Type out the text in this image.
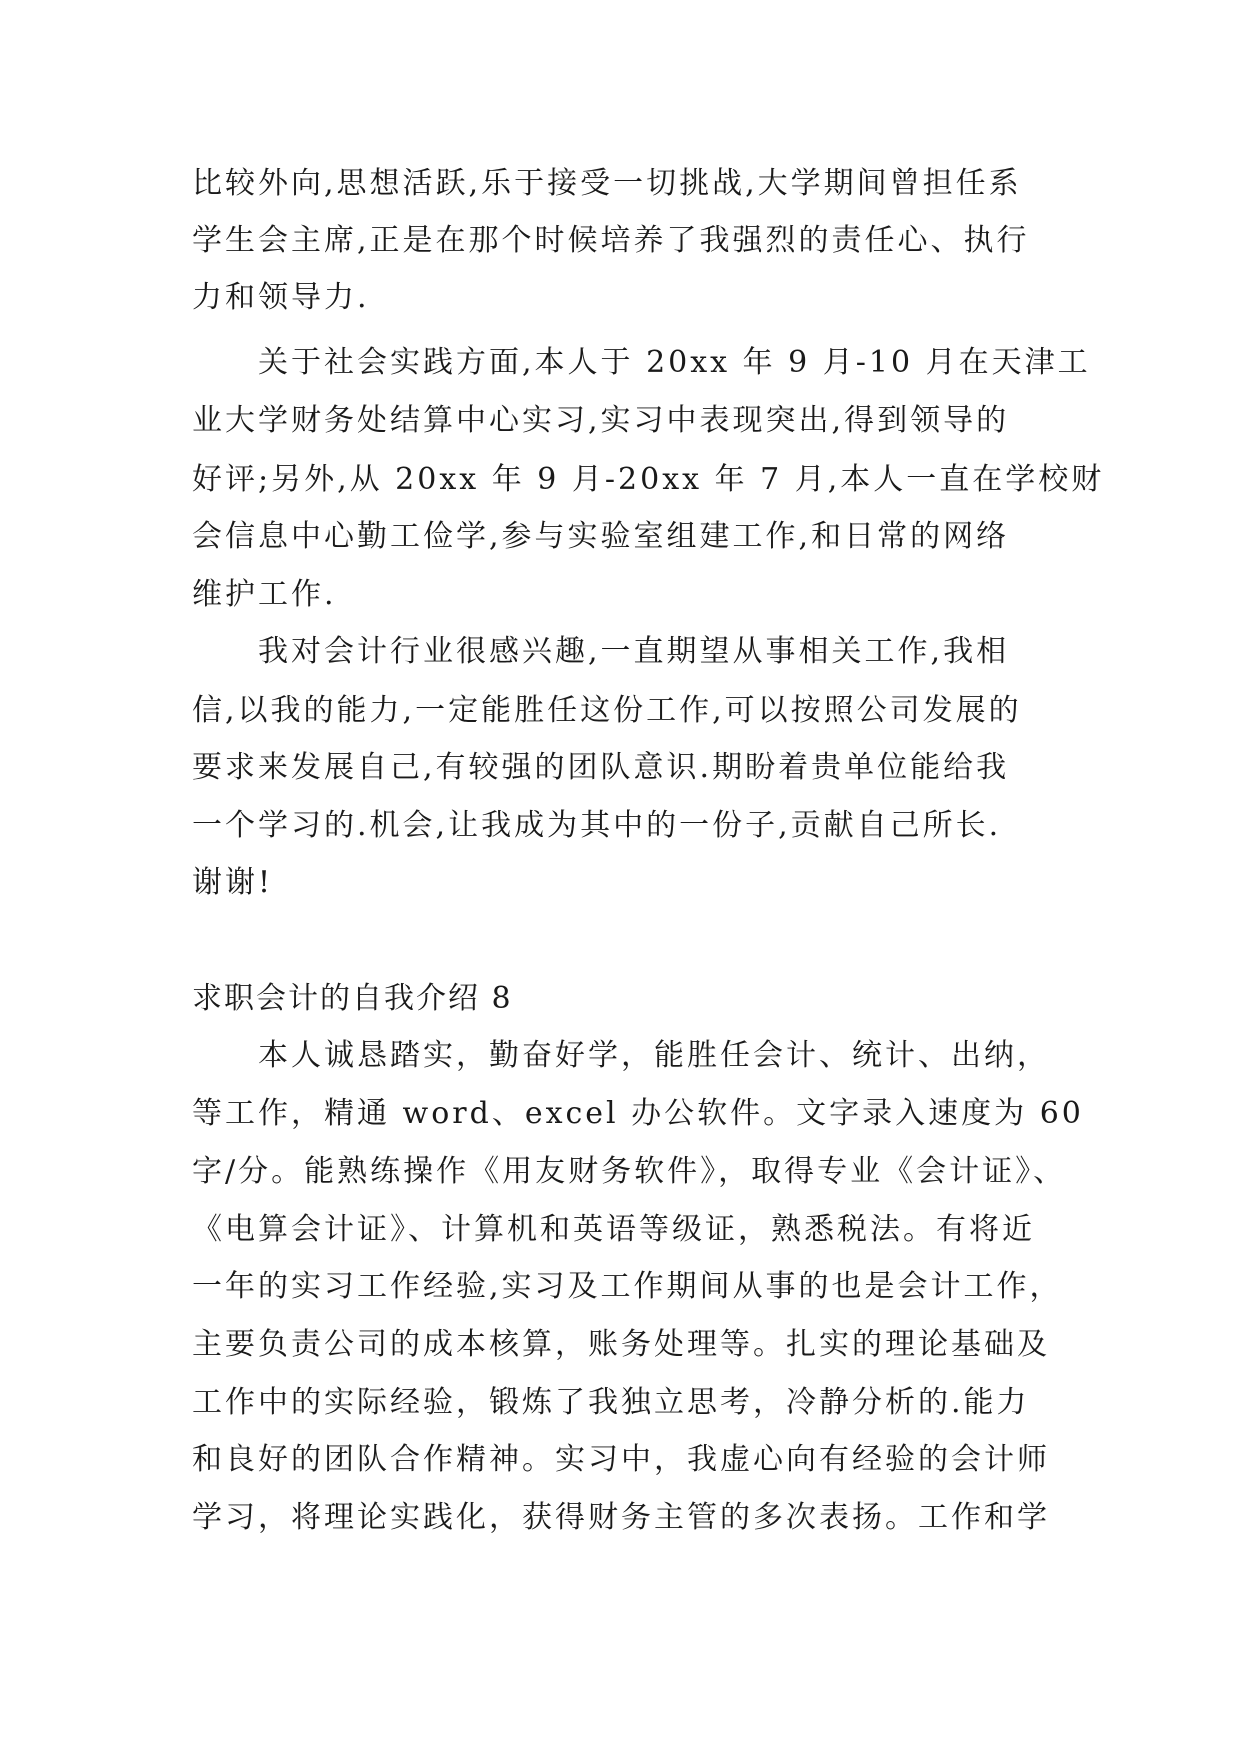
比较外向,思想活跃,乐于接受一切挑战,大学期间曾担任系
学生会主席,正是在那个时候培养了我强烈的责任心、执行
力和领导力.
关于社会实践方面,本人于 20xx 年 9 月-10 月在天津工
业大学财务处结算中心实习,实习中表现突出,得到领导的
好评;另外,从 20xx 年 9 月-20xx 年 7 月,本人一直在学校财
会信息中心勤工俭学,参与实验室组建工作,和日常的网络
维护工作.
我对会计行业很感兴趣,一直期望从事相关工作,我相
信,以我的能力,一定能胜任这份工作,可以按照公司发展的
要求来发展自己,有较强的团队意识.期盼着贵单位能给我
一个学习的.机会,让我成为其中的一份子,贡献自己所长.
谢谢!
求职会计的自我介绍 8
本人诚恳踏实，勤奋好学，能胜任会计、统计、出纳，
等工作，精通 word、excel 办公软件。文字录入速度为 60
字/分。能熟练操作《用友财务软件》，取得专业《会计证》、
《电算会计证》、计算机和英语等级证，熟悉税法。有将近
一年的实习工作经验,实习及工作期间从事的也是会计工作，
主要负责公司的成本核算，账务处理等。扎实的理论基础及
工作中的实际经验，锻炼了我独立思考，冷静分析的.能力
和良好的团队合作精神。实习中，我虚心向有经验的会计师
学习，将理论实践化，获得财务主管的多次表扬。工作和学
